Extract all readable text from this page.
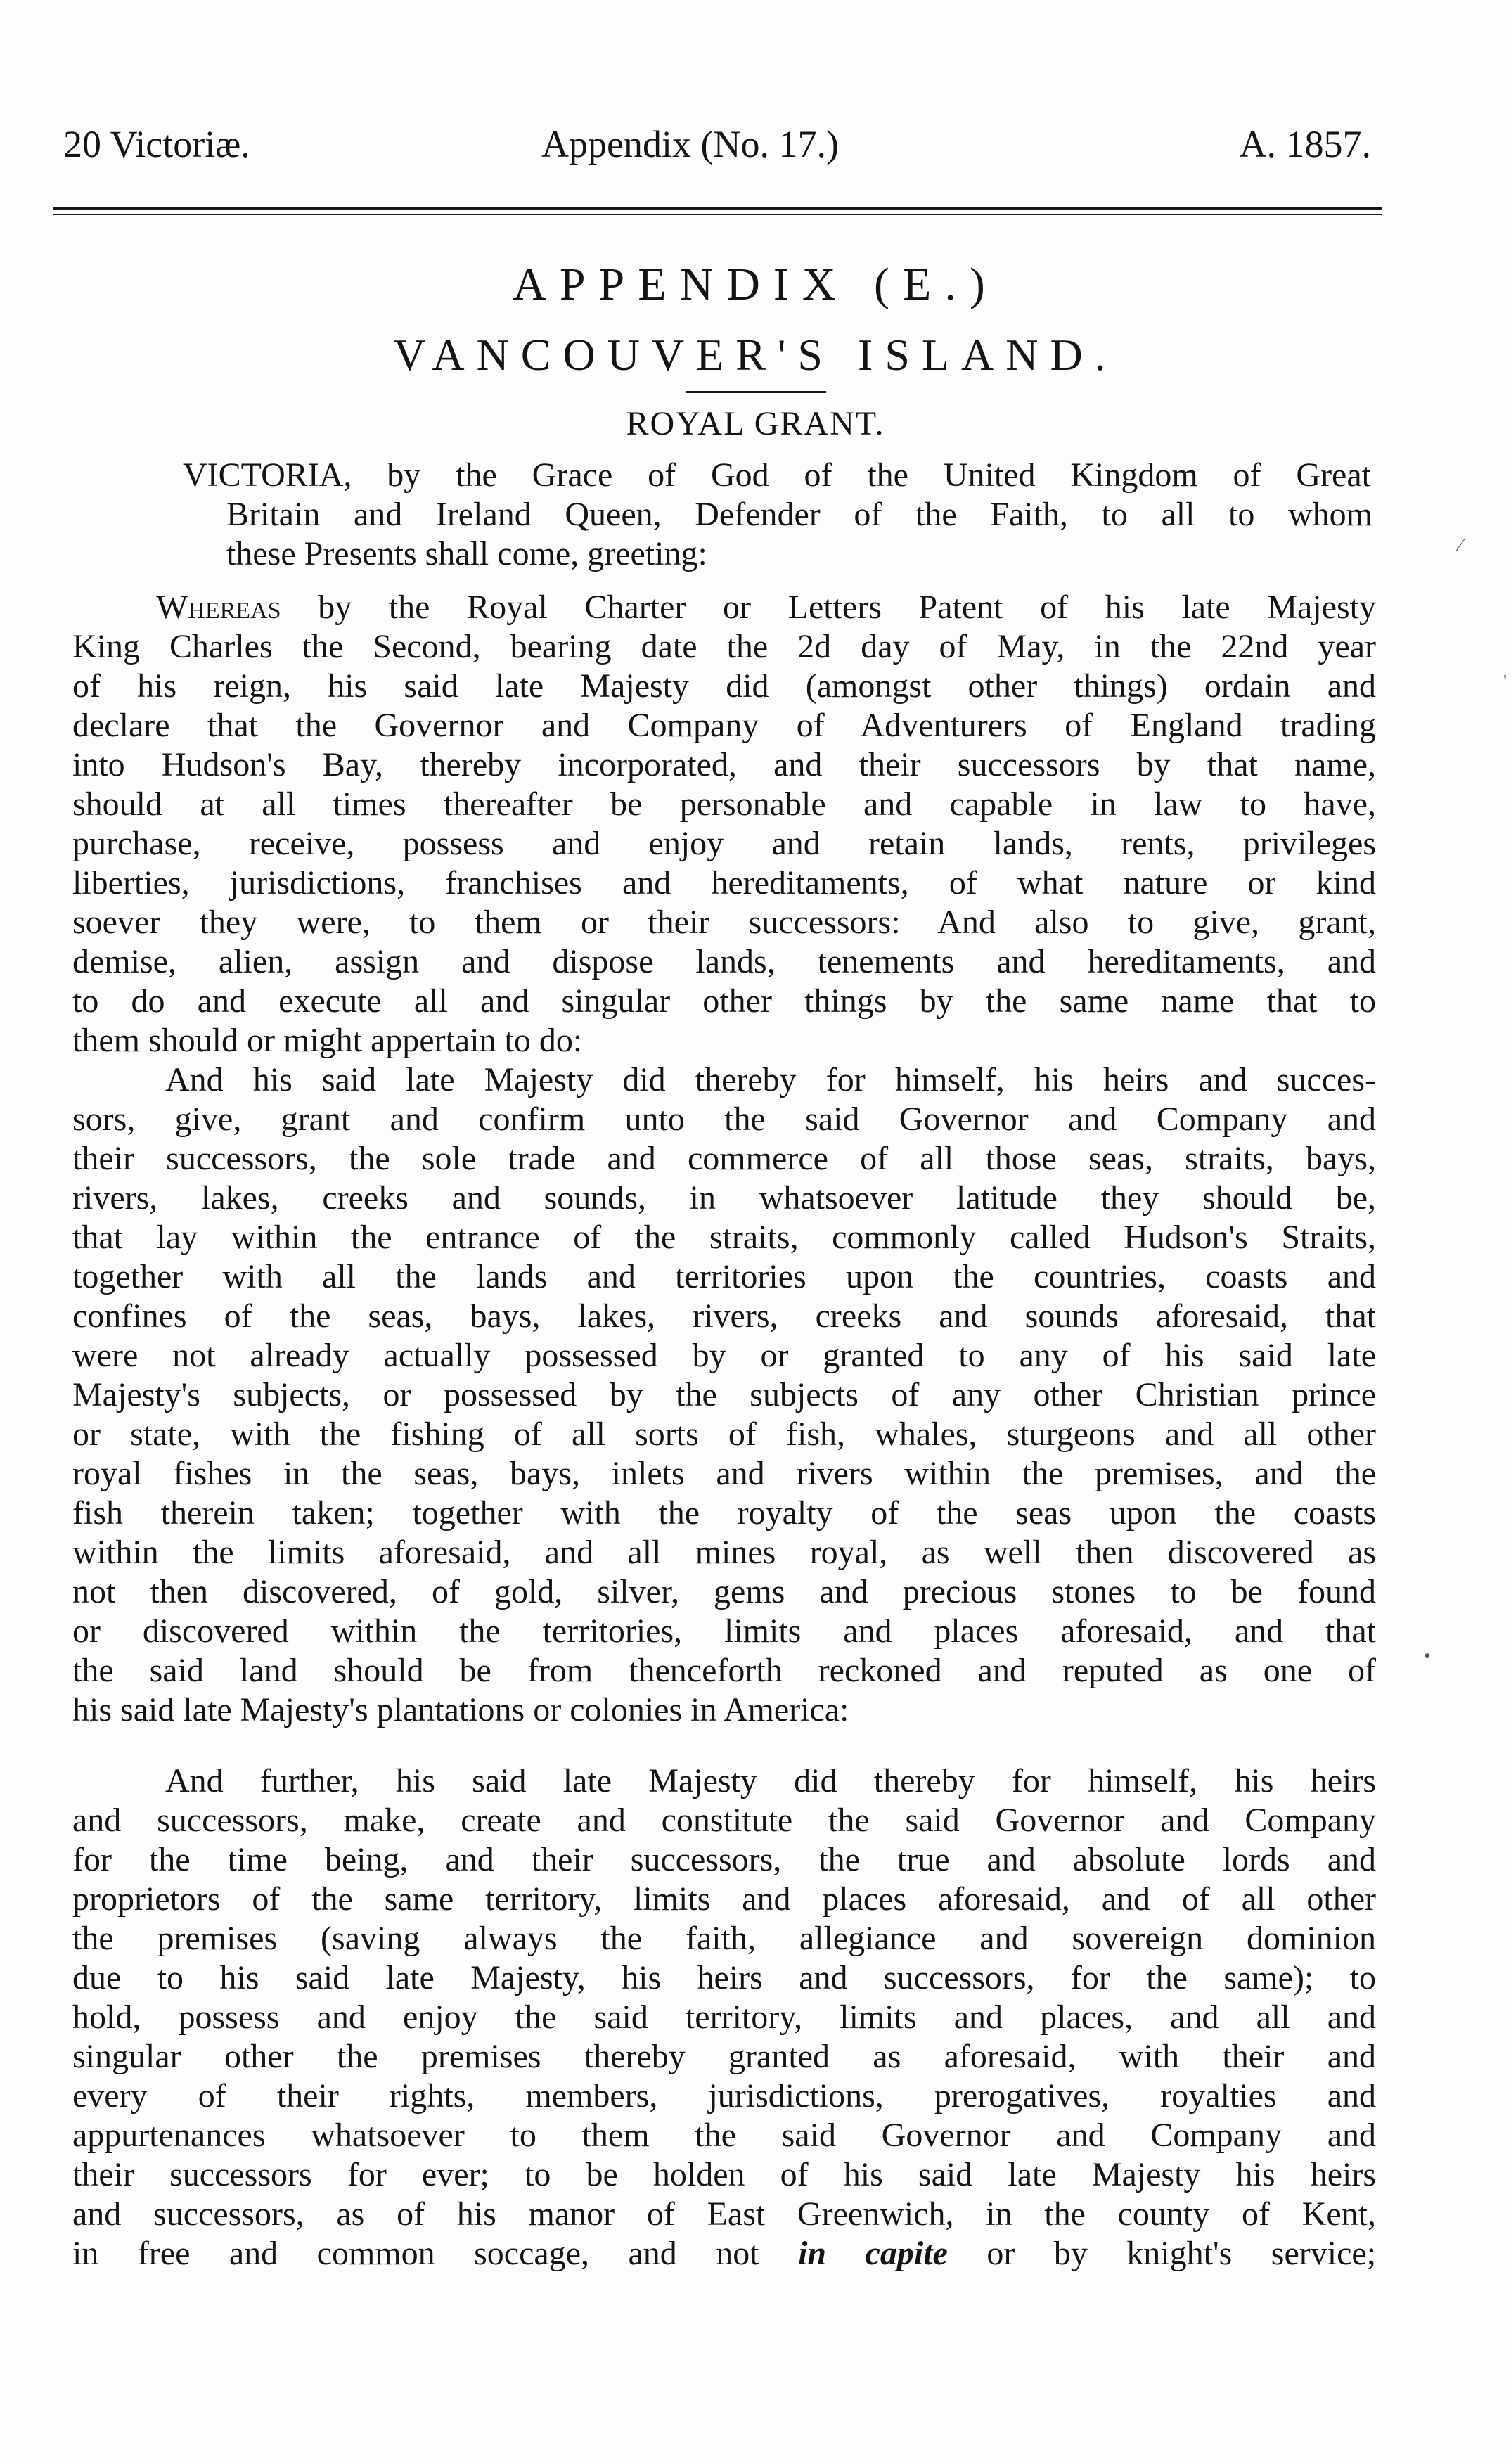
20 Victoriæ.	Appendix (No. 17.)	A. 1857.
APPENDIX (E.)
VANCOUVER'S ISLAND.
ROYAL GRANT.
VICTORIA, by the Grace of God of the United Kingdom of Great
Britain and Ireland Queen, Defender of the Faith, to all to whom
these Presents shall come, greeting:
Whereas by the Royal Charter or Letters Patent of his late Majesty
King Charles the Second, bearing date the 2d day of May, in the 22nd year
of his reign, his said late Majesty did (amongst other things) ordain and
declare that the Governor and Company of Adventurers of England trading
into Hudson's Bay, thereby incorporated, and their successors by that name,
should at all times thereafter be personable and capable in law to have,
purchase, receive, possess and enjoy and retain lands, rents, privileges
liberties, jurisdictions, franchises and hereditaments, of what nature or kind
soever they were, to them or their successors: And also to give, grant,
demise, alien, assign and dispose lands, tenements and hereditaments, and
to do and execute all and singular other things by the same name that to
them should or might appertain to do:
And his said late Majesty did thereby for himself, his heirs and succes-
sors, give, grant and confirm unto the said Governor and Company and
their successors, the sole trade and commerce of all those seas, straits, bays,
rivers, lakes, creeks and sounds, in whatsoever latitude they should be,
that lay within the entrance of the straits, commonly called Hudson's Straits,
together with all the lands and territories upon the countries, coasts and
confines of the seas, bays, lakes, rivers, creeks and sounds aforesaid, that
were not already actually possessed by or granted to any of his said late
Majesty's subjects, or possessed by the subjects of any other Christian prince
or state, with the fishing of all sorts of fish, whales, sturgeons and all other
royal fishes in the seas, bays, inlets and rivers within the premises, and the
fish therein taken; together with the royalty of the seas upon the coasts
within the limits aforesaid, and all mines royal, as well then discovered as
not then discovered, of gold, silver, gems and precious stones to be found
or discovered within the territories, limits and places aforesaid, and that
the said land should be from thenceforth reckoned and reputed as one of
his said late Majesty's plantations or colonies in America:
And further, his said late Majesty did thereby for himself, his heirs
and successors, make, create and constitute the said Governor and Company
for the time being, and their successors, the true and absolute lords and
proprietors of the same territory, limits and places aforesaid, and of all other
the premises (saving always the faith, allegiance and sovereign dominion
due to his said late Majesty, his heirs and successors, for the same); to
hold, possess and enjoy the said territory, limits and places, and all and
singular other the premises thereby granted as aforesaid, with their and
every of their rights, members, jurisdictions, prerogatives, royalties and
appurtenances whatsoever to them the said Governor and Company and
their successors for ever; to be holden of his said late Majesty his heirs
and successors, as of his manor of East Greenwich, in the county of Kent,
in free and common soccage, and not in capite or by knight's service;
⁄
'
•
